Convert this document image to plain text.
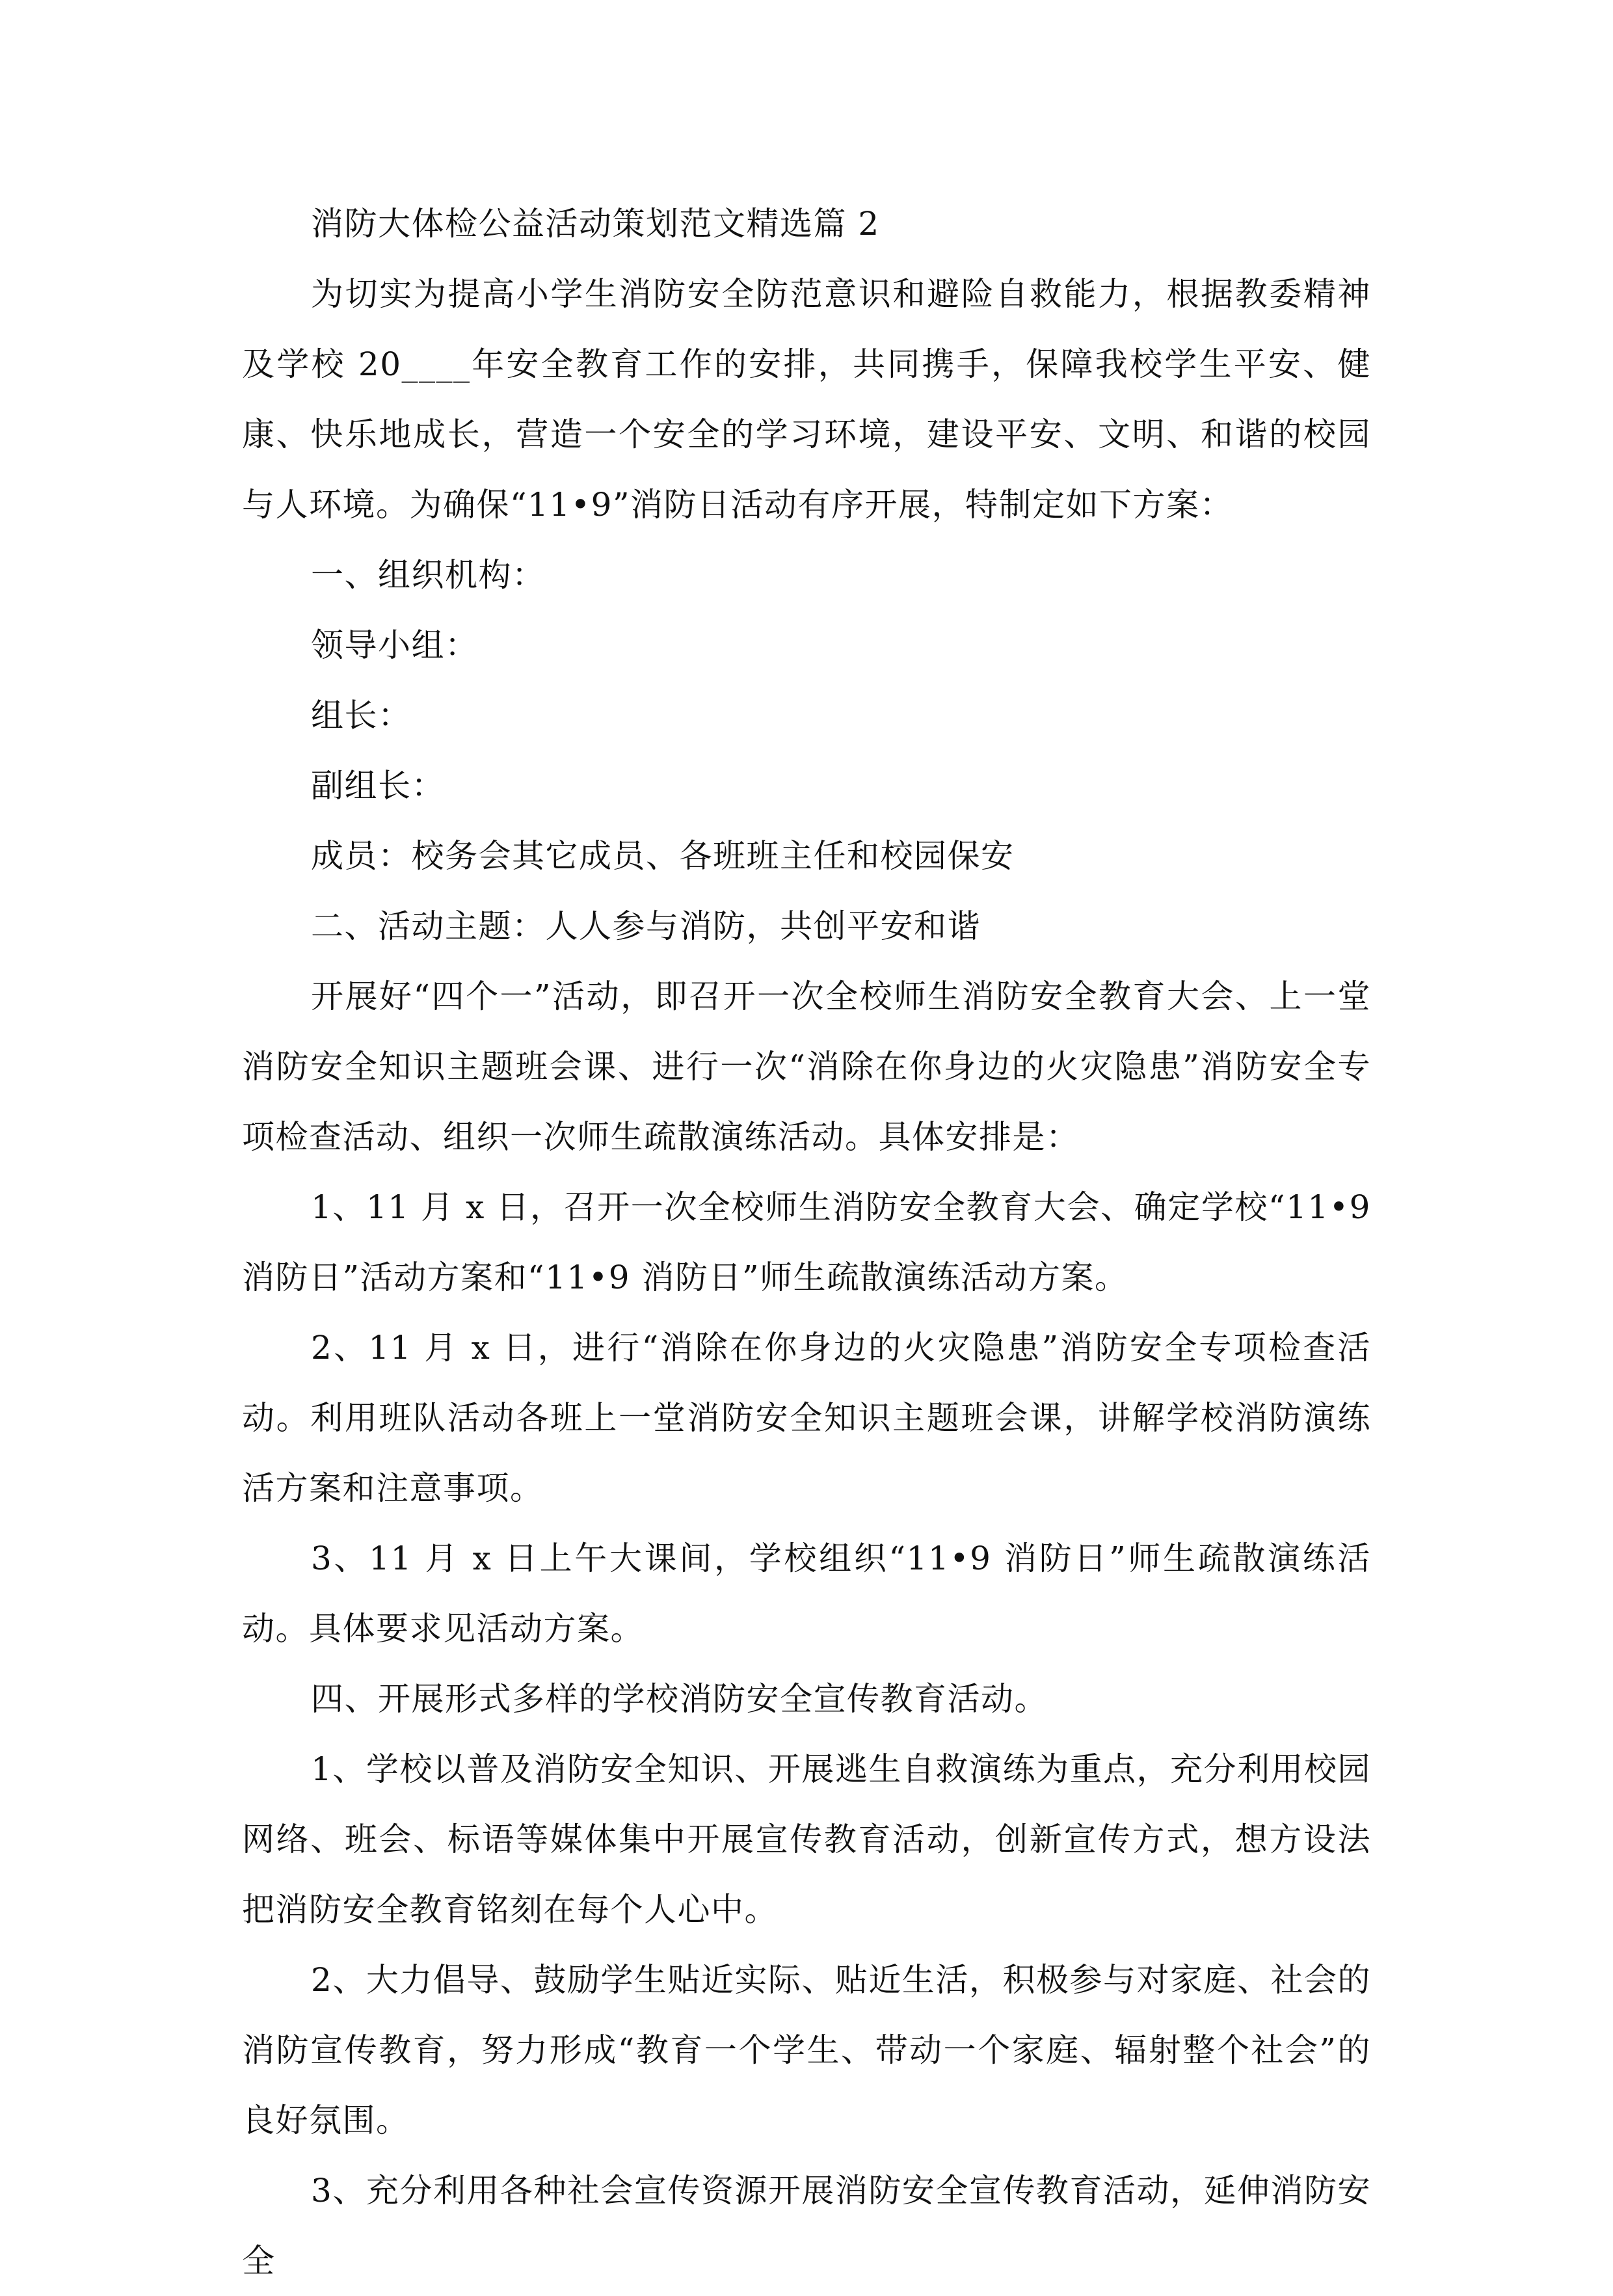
消防大体检公益活动策划范文精选篇 2

为切实为提高小学生消防安全防范意识和避险自救能力，根据教委精神及学校 20____年安全教育工作的安排，共同携手，保障我校学生平安、健康、快乐地成长，营造一个安全的学习环境，建设平安、文明、和谐的校园与人环境。为确保“11•9”消防日活动有序开展，特制定如下方案：

一、组织机构：

领导小组：

组长：

副组长：

成员：校务会其它成员、各班班主任和校园保安

二、活动主题：人人参与消防，共创平安和谐

开展好“四个一”活动，即召开一次全校师生消防安全教育大会、上一堂消防安全知识主题班会课、进行一次“消除在你身边的火灾隐患”消防安全专项检查活动、组织一次师生疏散演练活动。具体安排是：

1、11 月 x 日，召开一次全校师生消防安全教育大会、确定学校“11•9 消防日”活动方案和“11•9 消防日”师生疏散演练活动方案。

2、11 月 x 日，进行“消除在你身边的火灾隐患”消防安全专项检查活动。利用班队活动各班上一堂消防安全知识主题班会课，讲解学校消防演练活方案和注意事项。

3、11 月 x 日上午大课间，学校组织“11•9 消防日”师生疏散演练活动。具体要求见活动方案。

四、开展形式多样的学校消防安全宣传教育活动。

1、学校以普及消防安全知识、开展逃生自救演练为重点，充分利用校园网络、班会、标语等媒体集中开展宣传教育活动，创新宣传方式，想方设法把消防安全教育铭刻在每个人心中。

2、大力倡导、鼓励学生贴近实际、贴近生活，积极参与对家庭、社会的消防宣传教育，努力形成“教育一个学生、带动一个家庭、辐射整个社会”的良好氛围。

3、充分利用各种社会宣传资源开展消防安全宣传教育活动，延伸消防安全
